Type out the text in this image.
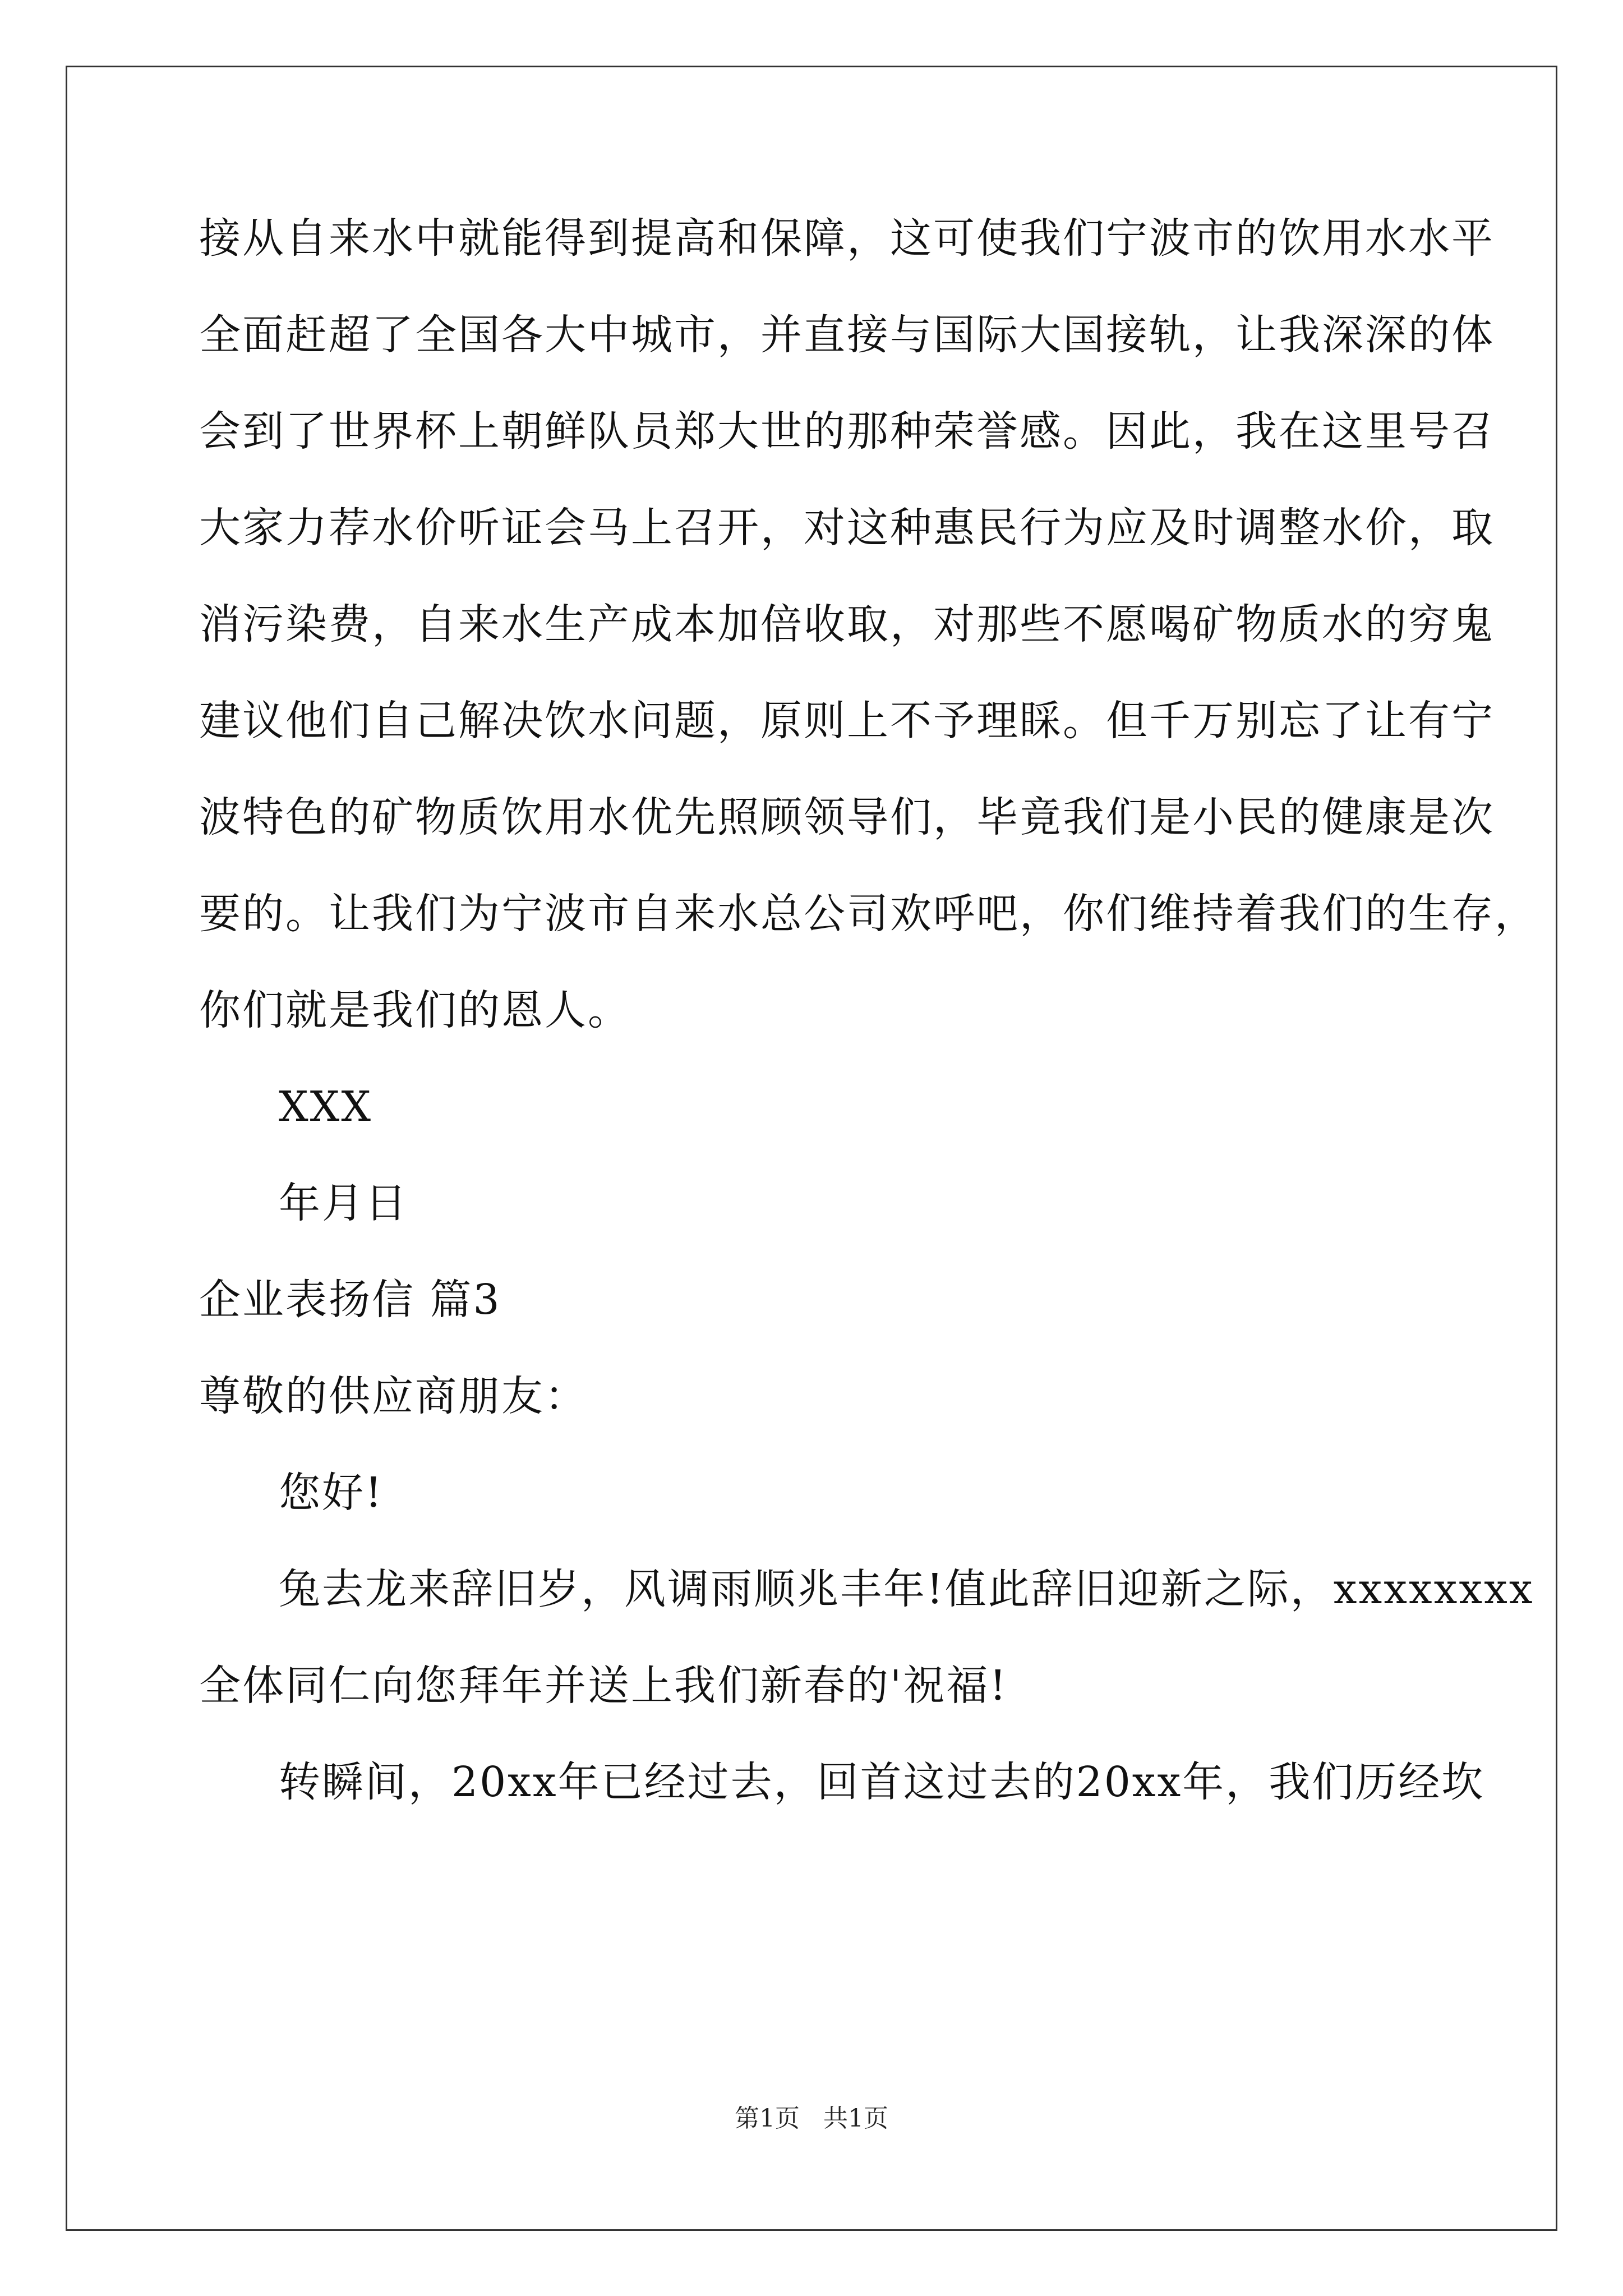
接从自来水中就能得到提高和保障，这可使我们宁波市的饮用水水平
全面赶超了全国各大中城市，并直接与国际大国接轨，让我深深的体
会到了世界杯上朝鲜队员郑大世的那种荣誉感。因此，我在这里号召
大家力荐水价听证会马上召开，对这种惠民行为应及时调整水价，取
消污染费，自来水生产成本加倍收取，对那些不愿喝矿物质水的穷鬼
建议他们自己解决饮水问题，原则上不予理睬。但千万别忘了让有宁
波特色的矿物质饮用水优先照顾领导们，毕竟我们是小民的健康是次
要的。让我们为宁波市自来水总公司欢呼吧，你们维持着我们的生存，
你们就是我们的恩人。
XXX
年月日
企业表扬信 篇3
尊敬的供应商朋友：
您好!
兔去龙来辞旧岁，风调雨顺兆丰年!值此辞旧迎新之际，xxxxxxxx
全体同仁向您拜年并送上我们新春的'祝福!
转瞬间，20xx年已经过去，回首这过去的20xx年，我们历经坎
第1页   共1页
